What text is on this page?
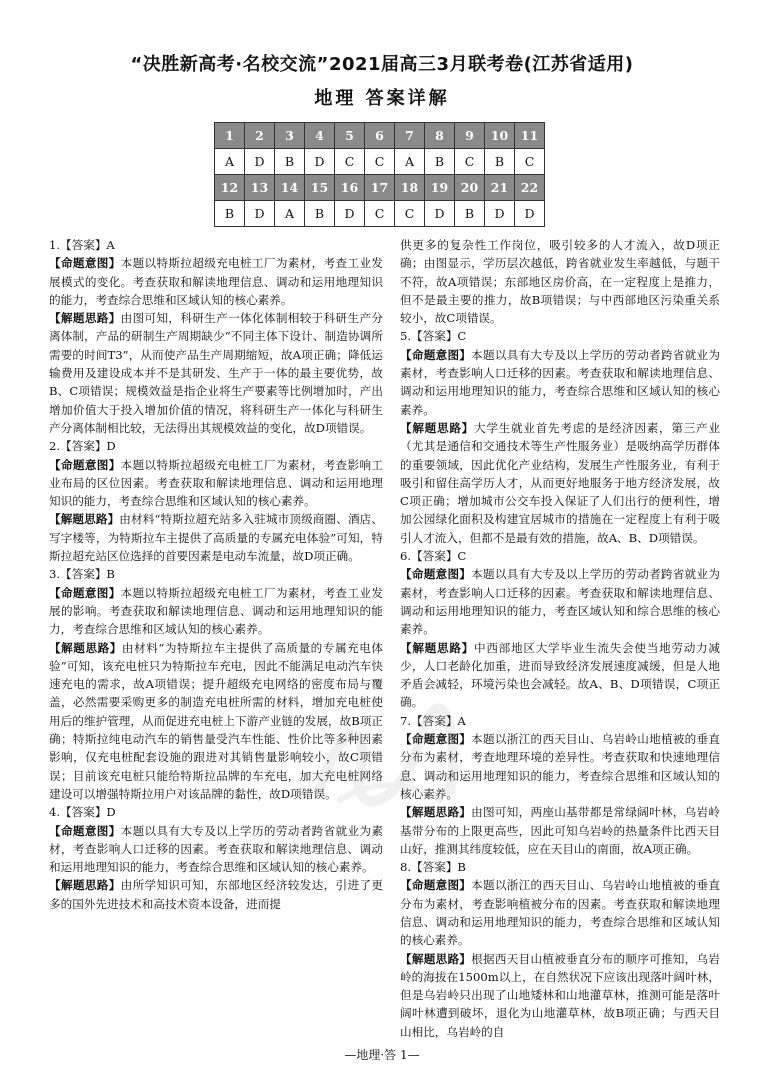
“决胜新高考·名校交流”2021届高三3月联考卷(江苏省适用)
地理 答案详解
1	2	3	4	5	6	7	8	9	10	11
A	D	B	D	C	C	A	B	C	B	C
12	13	14	15	16	17	18	19	20	21	22
B	D	A	B	D	C	C	D	B	D	D
1.【答案】A
【命题意图】本题以特斯拉超级充电桩工厂为素材，考查工业发展模式的变化。考查获取和解读地理信息、调动和运用地理知识的能力，考查综合思维和区域认知的核心素养。
【解题思路】由图可知，科研生产一体化体制相较于科研生产分离体制，产品的研制生产周期缺少“不同主体下设计、制造协调所需要的时间T3”，从而使产品生产周期缩短，故A项正确；降低运输费用及建设成本并不是其研发、生产于一体的最主要优势，故B、C项错误；规模效益是指企业将生产要素等比例增加时，产出增加价值大于投入增加价值的情况，将科研生产一体化与科研生产分离体制相比较，无法得出其规模效益的变化，故D项错误。
2.【答案】D
【命题意图】本题以特斯拉超级充电桩工厂为素材，考查影响工业布局的区位因素。考查获取和解读地理信息、调动和运用地理知识的能力，考查综合思维和区域认知的核心素养。
【解题思路】由材料“特斯拉超充站多入驻城市顶级商圈、酒店、写字楼等，为特斯拉车主提供了高质量的专属充电体验”可知，特斯拉超充站区位选择的首要因素是电动车流量，故D项正确。
3.【答案】B
【命题意图】本题以特斯拉超级充电桩工厂为素材，考查工业发展的影响。考查获取和解读地理信息、调动和运用地理知识的能力，考查综合思维和区域认知的核心素养。
【解题思路】由材料“为特斯拉车主提供了高质量的专属充电体验”可知，该充电桩只为特斯拉车充电，因此不能满足电动汽车快速充电的需求，故A项错误；提升超级充电网络的密度布局与覆盖，必然需要采购更多的制造充电桩所需的材料，增加充电桩使用后的维护管理，从而促进充电桩上下游产业链的发展，故B项正确；特斯拉纯电动汽车的销售量受汽车性能、性价比等多种因素影响，仅充电桩配套设施的跟进对其销售量影响较小，故C项错误；目前该充电桩只能给特斯拉品牌的车充电，加大充电桩网络建设可以增强特斯拉用户对该品牌的黏性，故D项错误。
4.【答案】D
【命题意图】本题以具有大专及以上学历的劳动者跨省就业为素材，考查影响人口迁移的因素。考查获取和解读地理信息、调动和运用地理知识的能力，考查综合思维和区域认知的核心素养。
【解题思路】由所学知识可知，东部地区经济较发达，引进了更多的国外先进技术和高技术资本设备，进而提
供更多的复杂性工作岗位，吸引较多的人才流入，故D项正确；由图显示，学历层次越低，跨省就业发生率越低，与题干不符，故A项错误；东部地区房价高，在一定程度上是推力，但不是最主要的推力，故B项错误；与中西部地区污染重关系较小，故C项错误。
5.【答案】C
【命题意图】本题以具有大专及以上学历的劳动者跨省就业为素材，考查影响人口迁移的因素。考查获取和解读地理信息、调动和运用地理知识的能力，考查综合思维和区域认知的核心素养。
【解题思路】大学生就业首先考虑的是经济因素，第三产业（尤其是通信和交通技术等生产性服务业）是吸纳高学历群体的重要领域，因此优化产业结构，发展生产性服务业，有利于吸引和留住高学历人才，从而更好地服务于地方经济发展，故C项正确；增加城市公交车投入保证了人们出行的便利性，增加公园绿化面积及构建宜居城市的措施在一定程度上有利于吸引人才流入，但都不是最有效的措施，故A、B、D项错误。
6.【答案】C
【命题意图】本题以具有大专及以上学历的劳动者跨省就业为素材，考查影响人口迁移的因素。考查获取和解读地理信息、调动和运用地理知识的能力，考查区域认知和综合思维的核心素养。
【解题思路】中西部地区大学毕业生流失会使当地劳动力减少，人口老龄化加重，进而导致经济发展速度减缓，但是人地矛盾会减轻，环境污染也会减轻。故A、B、D项错误，C项正确。
7.【答案】A
【命题意图】本题以浙江的西天目山、乌岩岭山地植被的垂直分布为素材，考查地理环境的差异性。考查获取和快速地理信息、调动和运用地理知识的能力，考查综合思维和区域认知的核心素养。
【解题思路】由图可知，两座山基带都是常绿阔叶林，乌岩岭基带分布的上限更高些，因此可知乌岩岭的热量条件比西天目山好，推测其纬度较低，应在天目山的南面，故A项正确。
8.【答案】B
【命题意图】本题以浙江的西天目山、乌岩岭山地植被的垂直分布为素材，考查影响植被分布的因素。考查获取和解读地理信息、调动和运用地理知识的能力，考查综合思维和区域认知的核心素养。
【解题思路】根据西天目山植被垂直分布的顺序可推知，乌岩岭的海拔在1500m以上，在自然状况下应该出现落叶阔叶林，但是乌岩岭只出现了山地矮林和山地灌草林，推测可能是落叶阔叶林遭到破坏，退化为山地灌草林，故B项正确；与西天目山相比，乌岩岭的自
—地理·答 1—
